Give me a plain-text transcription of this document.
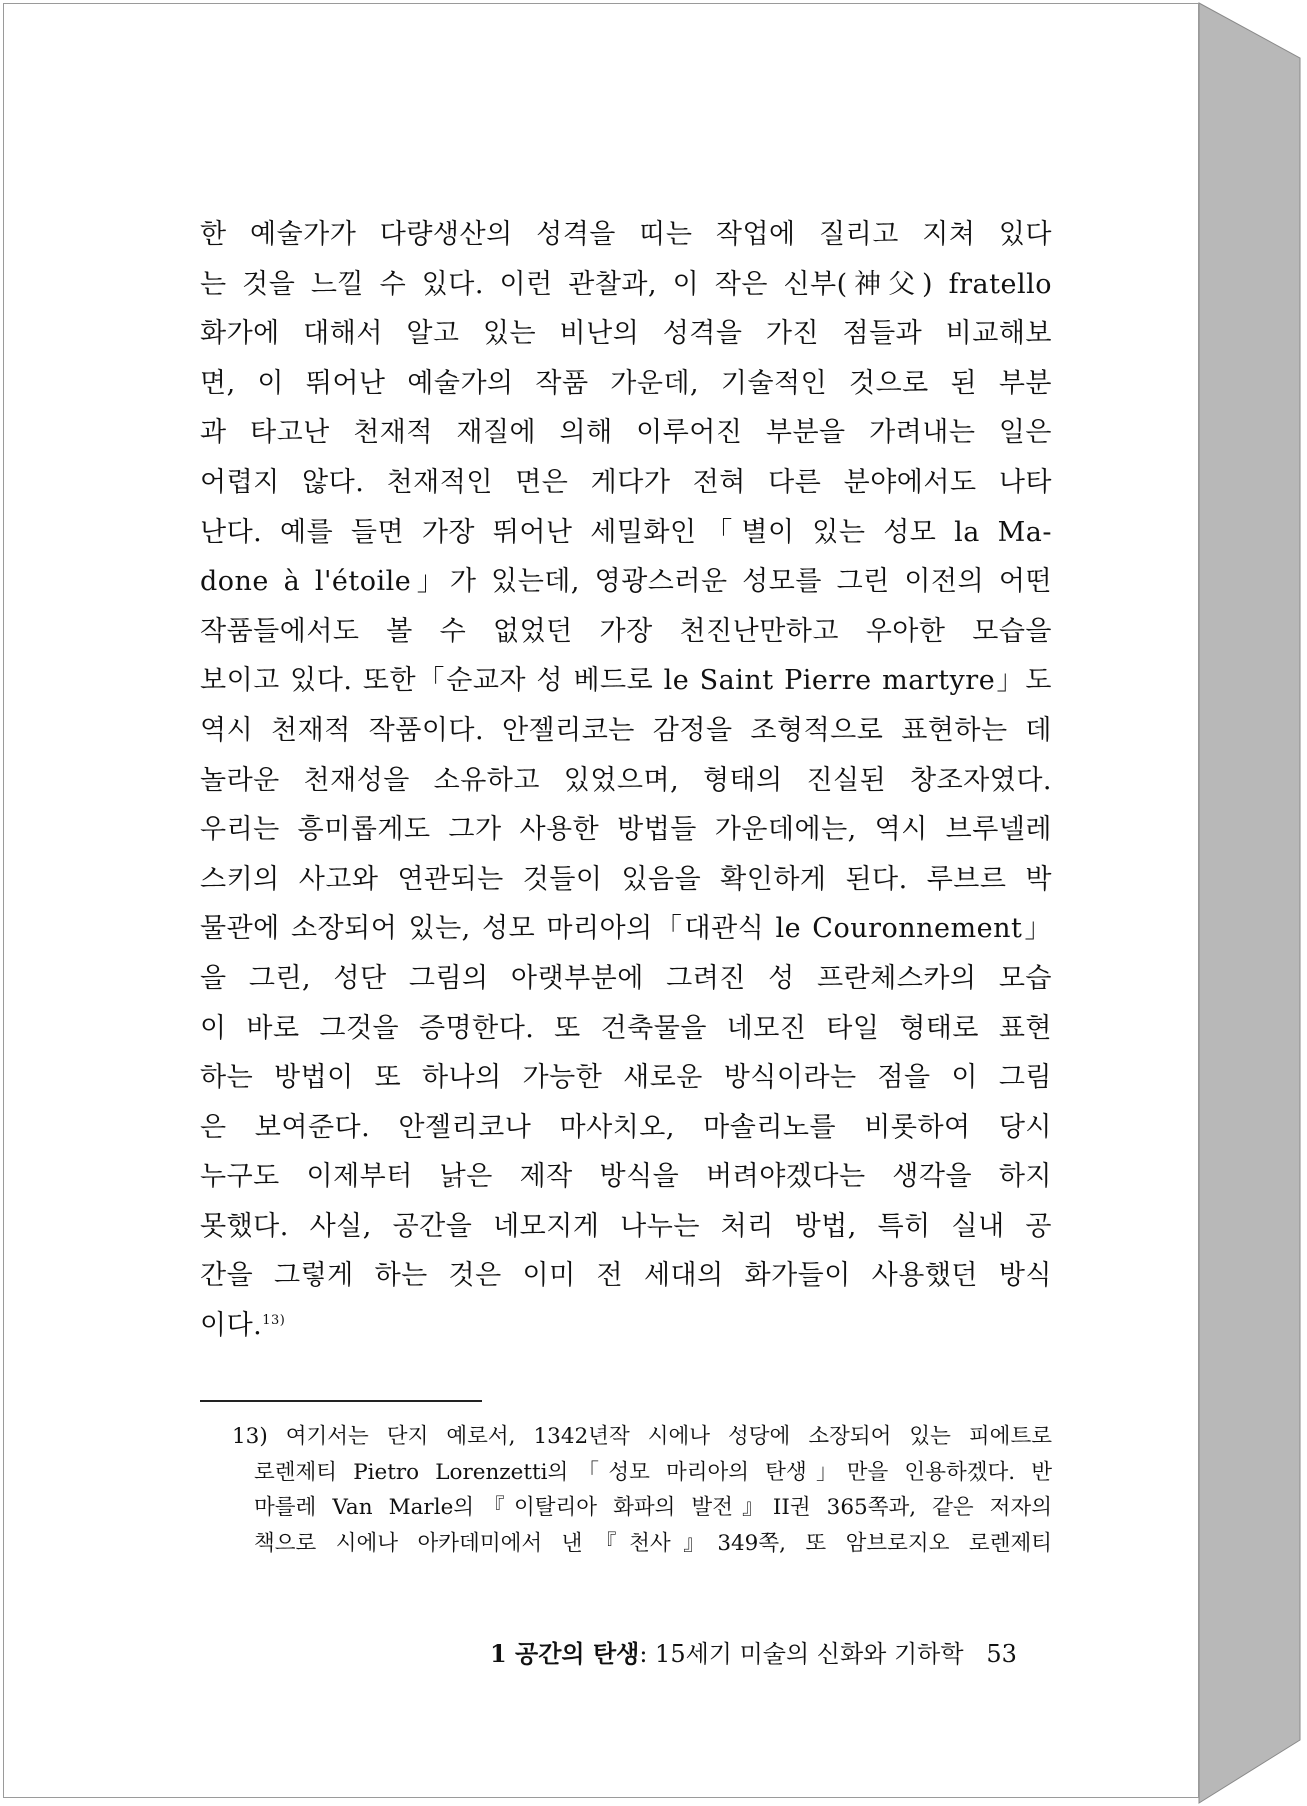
한 예술가가 다량생산의 성격을 띠는 작업에 질리고 지쳐 있다
는 것을 느낄 수 있다. 이런 관찰과, 이 작은 신부(神父) fratello
화가에 대해서 알고 있는 비난의 성격을 가진 점들과 비교해보
면, 이 뛰어난 예술가의 작품 가운데, 기술적인 것으로 된 부분
과 타고난 천재적 재질에 의해 이루어진 부분을 가려내는 일은
어렵지 않다. 천재적인 면은 게다가 전혀 다른 분야에서도 나타
난다. 예를 들면 가장 뛰어난 세밀화인「별이 있는 성모 la Ma-
done à l'étoile」가 있는데, 영광스러운 성모를 그린 이전의 어떤
작품들에서도 볼 수 없었던 가장 천진난만하고 우아한 모습을
보이고 있다. 또한「순교자 성 베드로 le Saint Pierre martyre」도
역시 천재적 작품이다. 안젤리코는 감정을 조형적으로 표현하는 데
놀라운 천재성을 소유하고 있었으며, 형태의 진실된 창조자였다.
우리는 흥미롭게도 그가 사용한 방법들 가운데에는, 역시 브루넬레
스키의 사고와 연관되는 것들이 있음을 확인하게 된다. 루브르 박
물관에 소장되어 있는, 성모 마리아의「대관식 le Couronnement」
을 그린, 성단 그림의 아랫부분에 그려진 성 프란체스카의 모습
이 바로 그것을 증명한다. 또 건축물을 네모진 타일 형태로 표현
하는 방법이 또 하나의 가능한 새로운 방식이라는 점을 이 그림
은 보여준다. 안젤리코나 마사치오, 마솔리노를 비롯하여 당시
누구도 이제부터 낡은 제작 방식을 버려야겠다는 생각을 하지
못했다. 사실, 공간을 네모지게 나누는 처리 방법, 특히 실내 공
간을 그렇게 하는 것은 이미 전 세대의 화가들이 사용했던 방식
이다.$^{13)}$
13) 여기서는 단지 예로서, 1342년작 시에나 성당에 소장되어 있는 피에트로
로렌제티 Pietro Lorenzetti의「성모 마리아의 탄생」만을 인용하겠다. 반
마를레 Van Marle의『이탈리아 화파의 발전』II권 365쪽과, 같은 저자의
책으로 시에나 아카데미에서 낸『천사』349쪽, 또 암브로지오 로렌제티
1 공간의 탄생: 15세기 미술의 신화와 기하학 53
